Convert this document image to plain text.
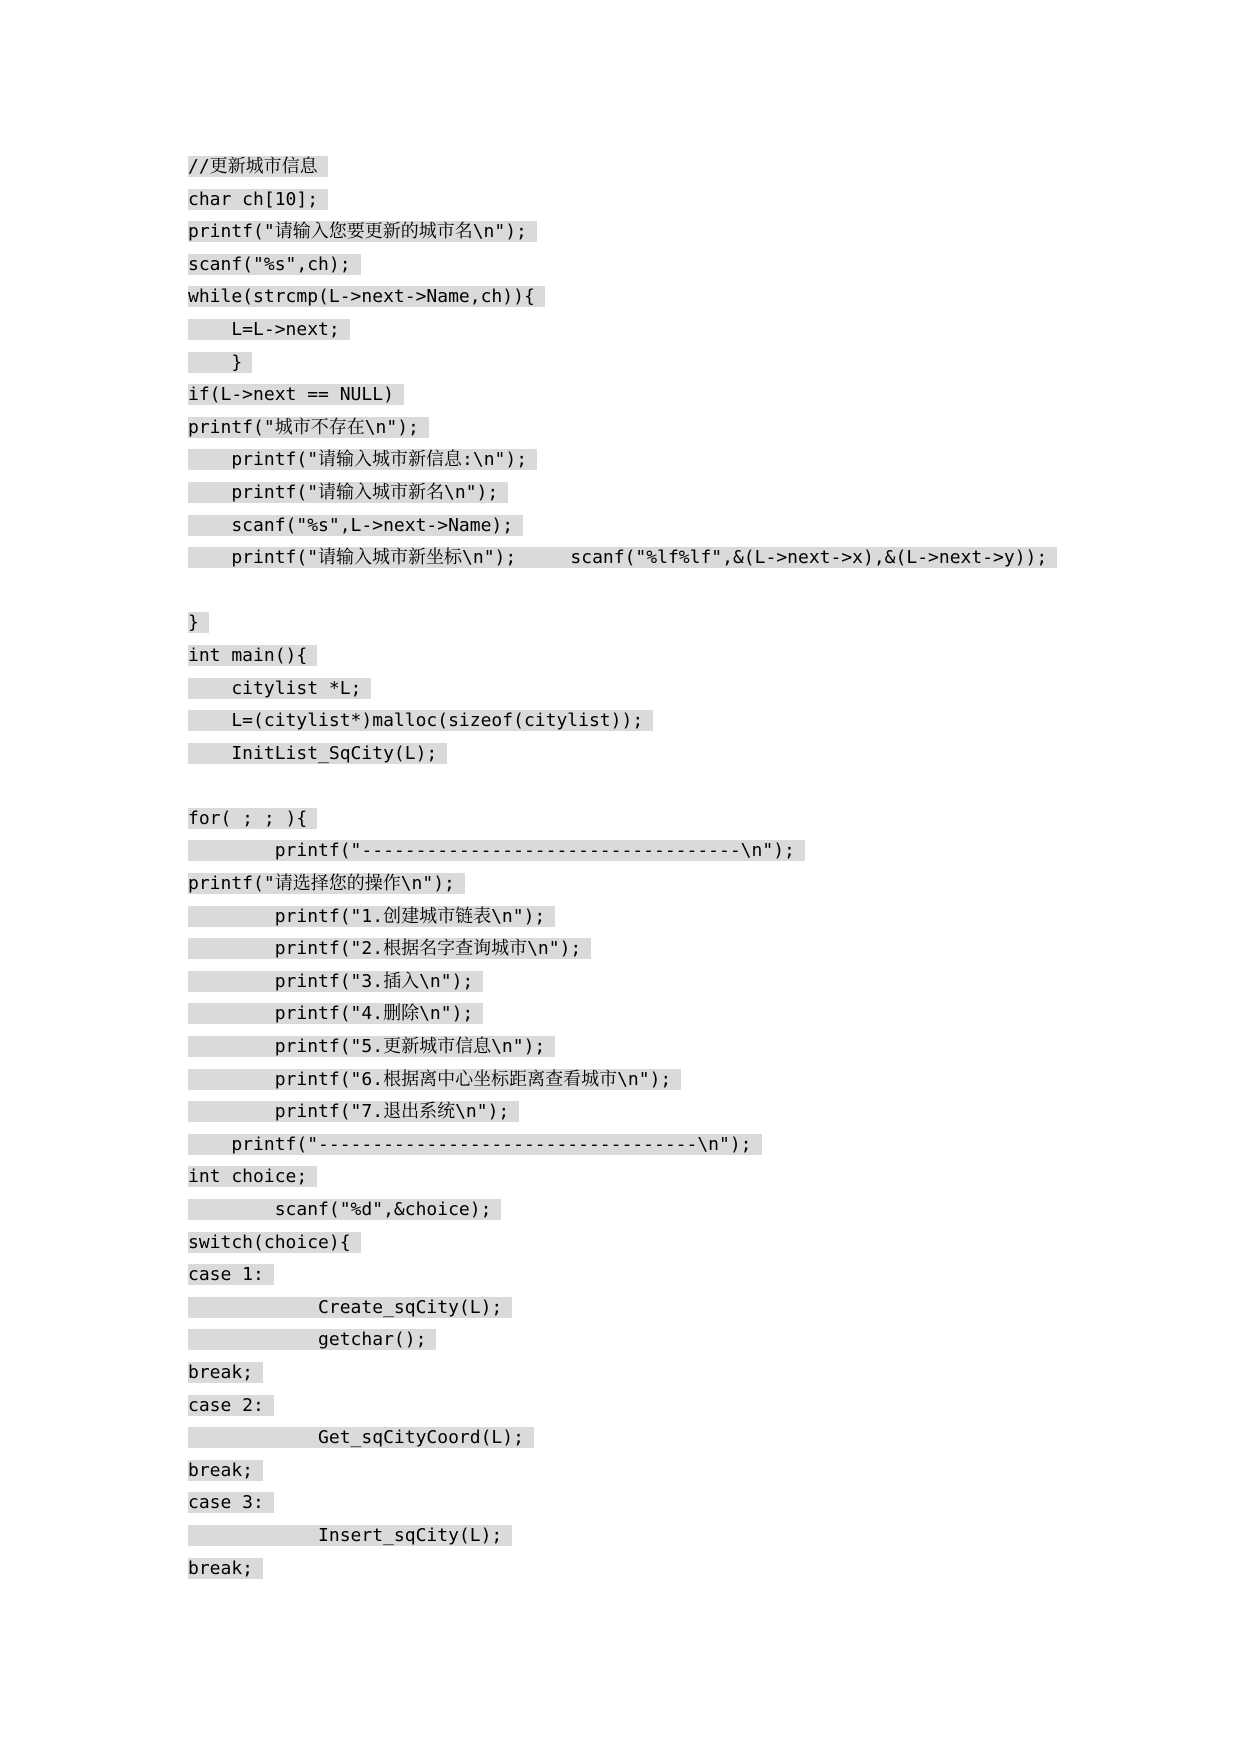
//更新城市信息
char ch[10];
printf("请输入您要更新的城市名\n");
scanf("%s",ch);
while(strcmp(L->next->Name,ch)){
L=L->next;
}
if(L->next == NULL)
printf("城市不存在\n");
printf("请输入城市新信息:\n");
printf("请输入城市新名\n");
scanf("%s",L->next->Name);
printf("请输入城市新坐标\n");     scanf("%lf%lf",&(L->next->x),&(L->next->y));
}
int main(){
citylist *L;
L=(citylist*)malloc(sizeof(citylist));
InitList_SqCity(L);
for( ; ; ){
printf("-----------------------------------\n");
printf("请选择您的操作\n");
printf("1.创建城市链表\n");
printf("2.根据名字查询城市\n");
printf("3.插入\n");
printf("4.删除\n");
printf("5.更新城市信息\n");
printf("6.根据离中心坐标距离查看城市\n");
printf("7.退出系统\n");
printf("-----------------------------------\n");
int choice;
scanf("%d",&choice);
switch(choice){
case 1:
Create_sqCity(L);
getchar();
break;
case 2:
Get_sqCityCoord(L);
break;
case 3:
Insert_sqCity(L);
break;
